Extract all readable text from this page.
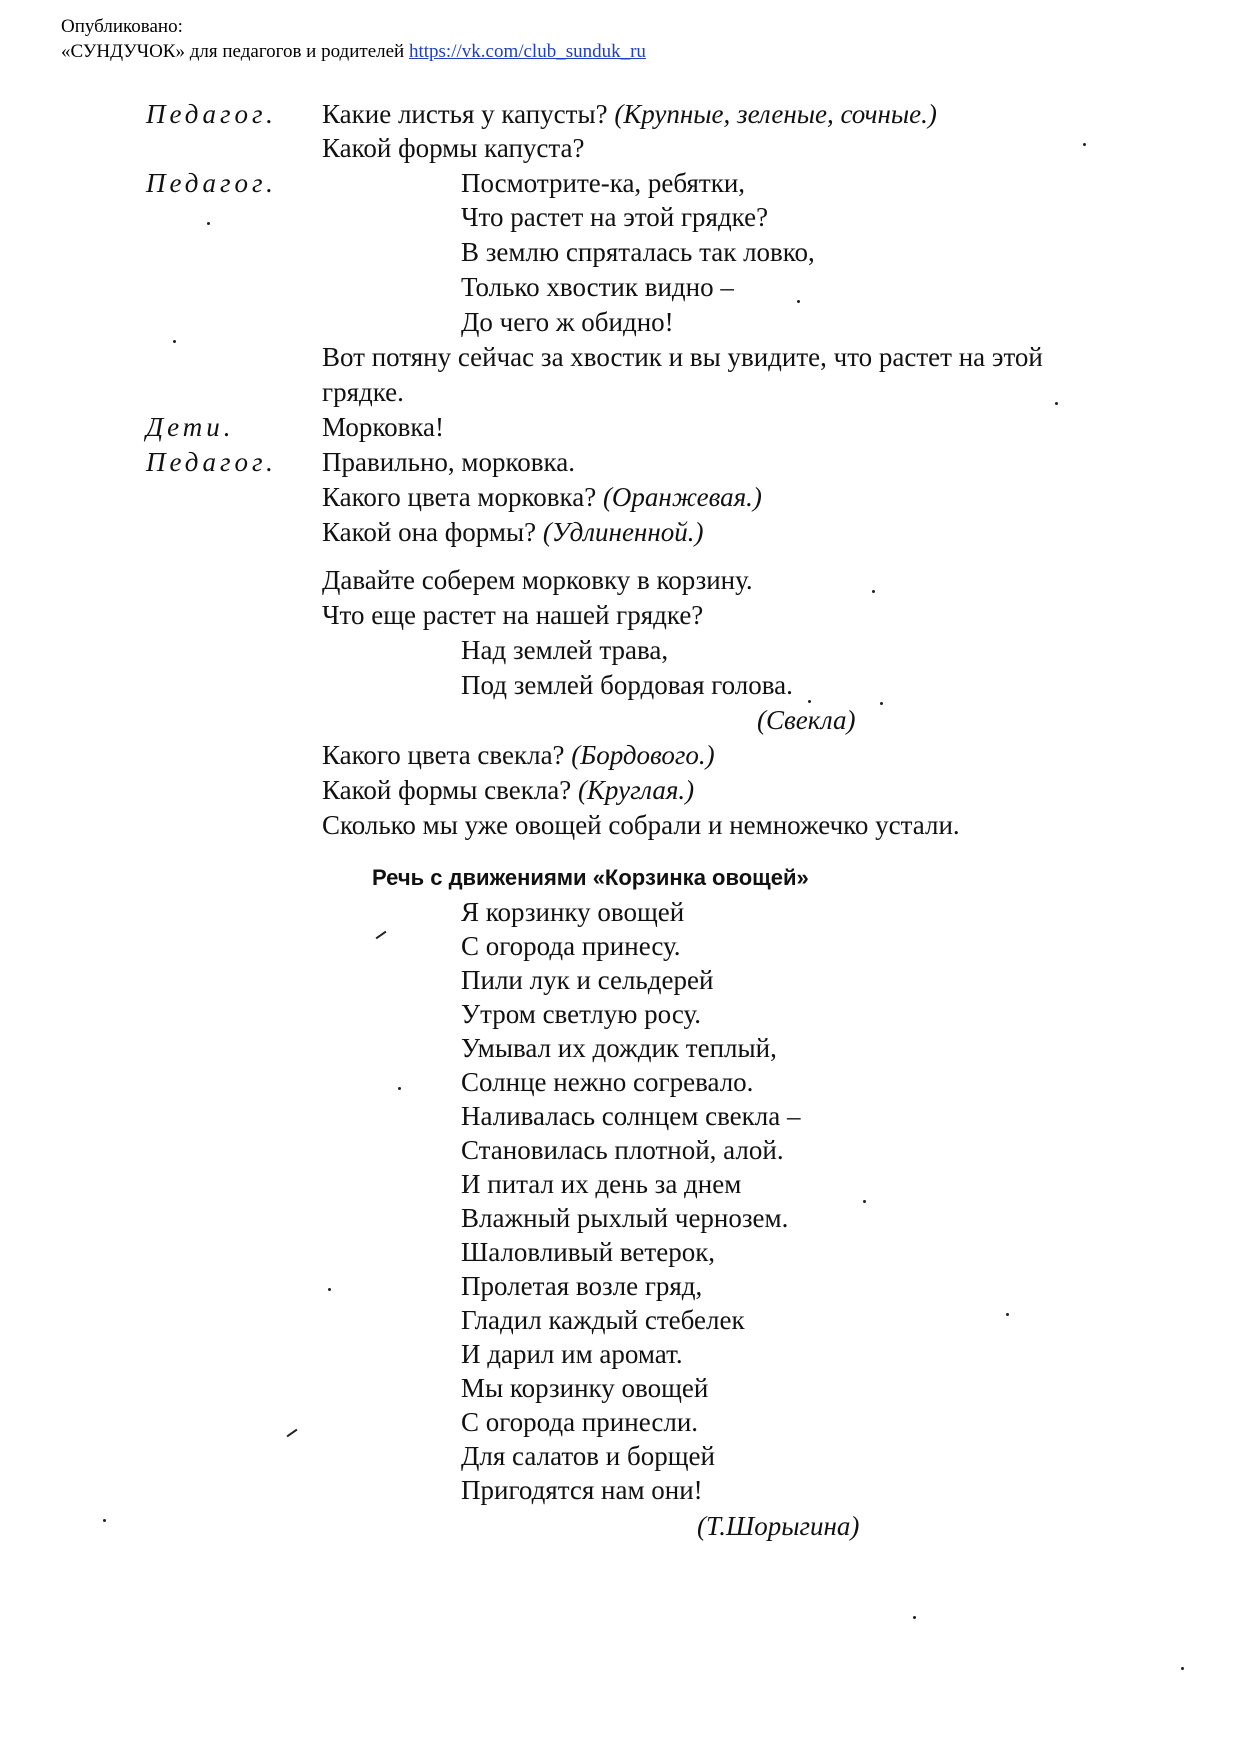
Опубликовано:
«СУНДУЧОК» для педагогов и родителей https://vk.com/club_sunduk_ru
Педагог. Какие листья у капусты? (Крупные, зеленые, сочные.)
Какой формы капуста?
Педагог.	Посмотрите-ка, ребятки,
Что растет на этой грядке?
В землю спряталась так ловко,
Только хвостик видно –
До чего ж обидно!
Вот потяну сейчас за хвостик и вы увидите, что растет на этой
грядке.
Дети.	Морковка!
Педагог. Правильно, морковка.
Какого цвета морковка? (Оранжевая.)
Какой она формы? (Удлиненной.)
Давайте соберем морковку в корзину.
Что еще растет на нашей грядке?
Над землей трава,
Под землей бордовая голова.
(Свекла)
Какого цвета свекла? (Бордового.)
Какой формы свекла? (Круглая.)
Сколько мы уже овощей собрали и немножечко устали.
Речь с движениями «Корзинка овощей»
Я корзинку овощей
С огорода принесу.
Пили лук и сельдерей
Утром светлую росу.
Умывал их дождик теплый,
Солнце нежно согревало.
Наливалась солнцем свекла –
Становилась плотной, алой.
И питал их день за днем
Влажный рыхлый чернозем.
Шаловливый ветерок,
Пролетая возле гряд,
Гладил каждый стебелек
И дарил им аромат.
Мы корзинку овощей
С огорода принесли.
Для салатов и борщей
Пригодятся нам они!
(Т.Шорыгина)
